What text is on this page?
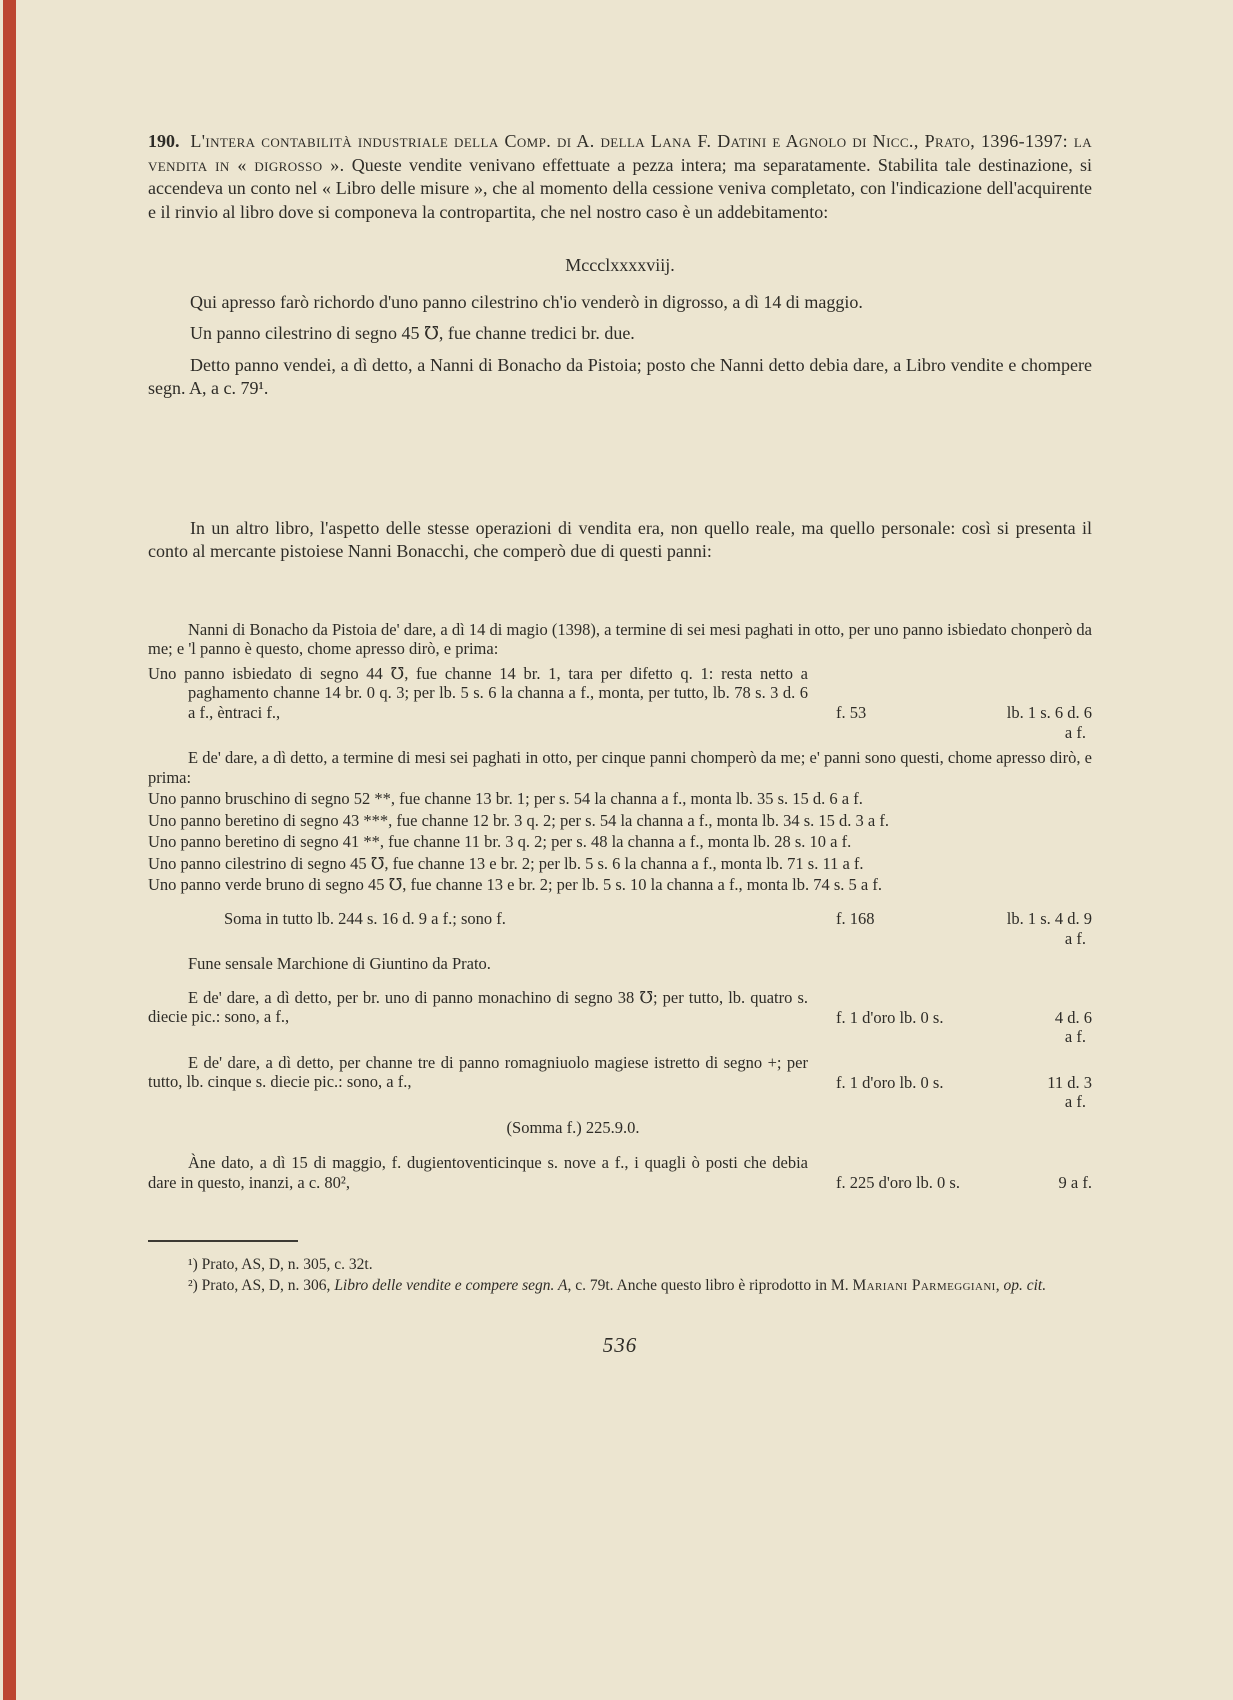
190. L'intera contabilità industriale della Comp. di A. della Lana F. Datini e Agnolo di Nicc., Prato, 1396-1397: la vendita in « digrosso ». Queste vendite venivano effettuate a pezza intera; ma separatamente. Stabilita tale destinazione, si accendeva un conto nel « Libro delle misure », che al momento della cessione veniva completato, con l'indicazione dell'acquirente e il rinvio al libro dove si componeva la contropartita, che nel nostro caso è un addebitamento:

Mccclxxxxviij.

Qui apresso farò richordo d'uno panno cilestrino ch'io venderò in digrosso, a dì 14 di maggio.

Un panno cilestrino di segno 45 ℧, fue channe tredici br. due.

Detto panno vendei, a dì detto, a Nanni di Bonacho da Pistoia; posto che Nanni detto debia dare, a Libro vendite e chompere segn. A, a c. 79¹.

In un altro libro, l'aspetto delle stesse operazioni di vendita era, non quello reale, ma quello personale: così si presenta il conto al mercante pistoiese Nanni Bonacchi, che comperò due di questi panni:

Nanni di Bonacho da Pistoia de' dare, a dì 14 di magio (1398), a termine di sei mesi paghati in otto, per uno panno isbiedato chonperò da me; e 'l panno è questo, chome apresso dirò, e prima:

Uno panno isbiedato di segno 44 ℧, fue channe 14 br. 1, tara per difetto q. 1: resta netto a paghamento channe 14 br. 0 q. 3; per lb. 5 s. 6 la channa a f., monta, per tutto, lb. 78 s. 3 d. 6 a f., èntraci f.,	f. 53	lb. 1 s. 6 d. 6
a f.

E de' dare, a dì detto, a termine di mesi sei paghati in otto, per cinque panni chomperò da me; e' panni sono questi, chome apresso dirò, e prima:

Uno panno bruschino di segno 52 **, fue channe 13 br. 1; per s. 54 la channa a f., monta lb. 35 s. 15 d. 6 a f.
Uno panno beretino di segno 43 ***, fue channe 12 br. 3 q. 2; per s. 54 la channa a f., monta lb. 34 s. 15 d. 3 a f.
Uno panno beretino di segno 41 **, fue channe 11 br. 3 q. 2; per s. 48 la channa a f., monta lb. 28 s. 10 a f.
Uno panno cilestrino di segno 45 ℧, fue channe 13 e br. 2; per lb. 5 s. 6 la channa a f., monta lb. 71 s. 11 a f.
Uno panno verde bruno di segno 45 ℧, fue channe 13 e br. 2; per lb. 5 s. 10 la channa a f., monta lb. 74 s. 5 a f.
Soma in tutto lb. 244 s. 16 d. 9 a f.; sono f.	f. 168	lb. 1 s. 4 d. 9
a f.

Fune sensale Marchione di Giuntino da Prato.

E de' dare, a dì detto, per br. uno di panno monachino di segno 38 ℧; per tutto, lb. quatro s. diecie pic.: sono, a f.,	f. 1 d'oro lb. 0 s.	4 d. 6
a f.
E de' dare, a dì detto, per channe tre di panno romagniuolo magiese istretto di segno +; per tutto, lb. cinque s. diecie pic.: sono, a f.,	f. 1 d'oro lb. 0 s.	11 d. 3
a f.

(Somma f.) 225.9.0.

Àne dato, a dì 15 di maggio, f. dugientoventicinque s. nove a f., i quagli ò posti che debia dare in questo, inanzi, a c. 80²,	f. 225 d'oro lb. 0 s.	9 a f.

¹) Prato, AS, D, n. 305, c. 32t.

²) Prato, AS, D, n. 306, Libro delle vendite e compere segn. A, c. 79t. Anche questo libro è riprodotto in M. Mariani Parmeggiani, op. cit.

536
